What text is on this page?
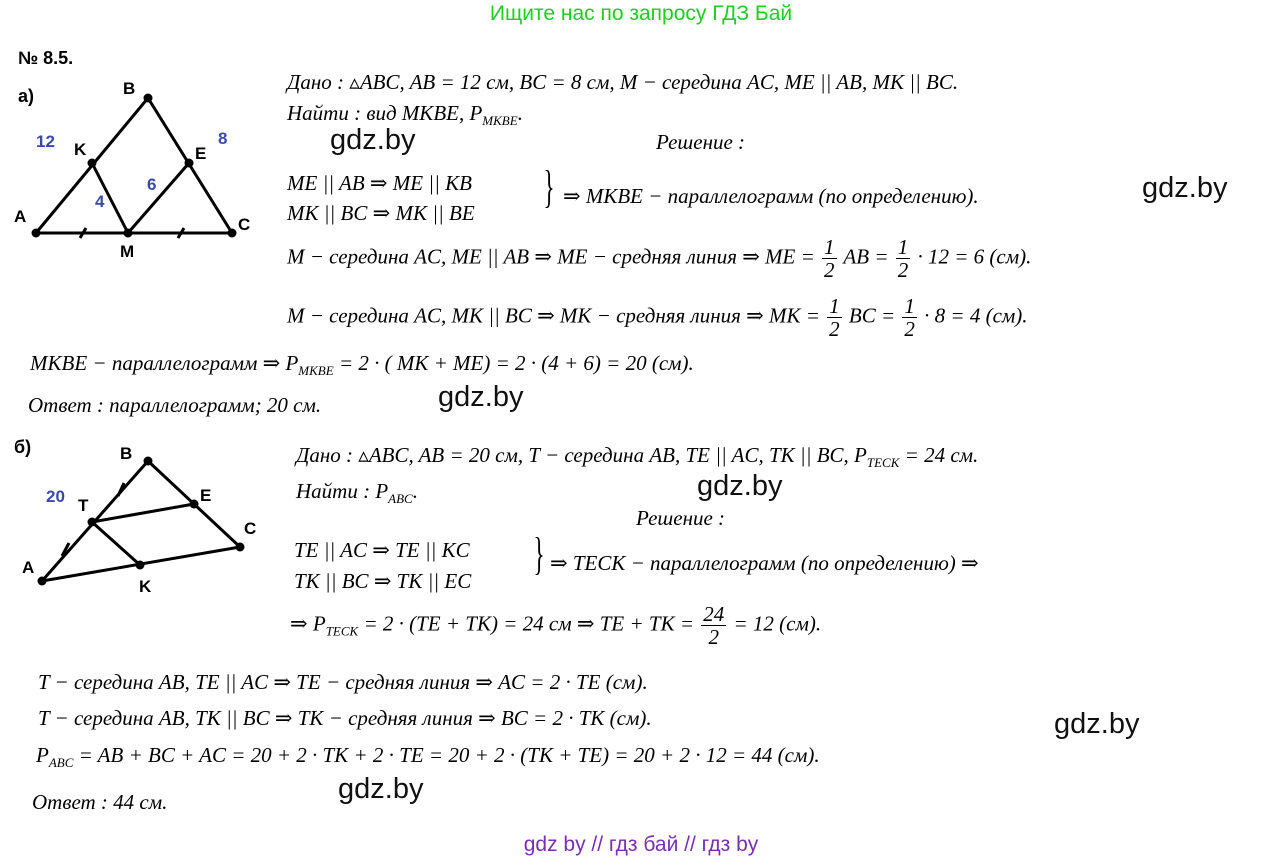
Ищите нас по запросу ГДЗ Бай
gdz by // гдз бай // гдз by
gdz.by
gdz.by
gdz.by
gdz.by
gdz.by
gdz.by
№ 8.5.
а)
б)
A
B
C
K	E
M
12	8
4
6
A
B
C
T
E
K
20
Дано : ▵ABC, AB = 12 см, BC = 8 см, M − середина AC, ME || AB, MK || BC.
Найти : вид MKBE, $P_{MKBE}$.
Решение :
ME || AB ⇒ ME || KB
MK || BC ⇒ MK || BE
} ⇒ MKBE − параллелограмм (по определению).
M − середина AC, ME || AB ⇒ ME − средняя линия ⇒ ME = $\frac{1}{2}$ AB = $\frac{1}{2} \cdot 12 = 6$ (см).
M − середина AC, MK || BC ⇒ MK − средняя линия ⇒ MK = $\frac{1}{2}$ BC = $\frac{1}{2} \cdot 8 = 4$ (см).
MKBE − параллелограмм ⇒ $P_{MKBE} = 2$ · ( MK + ME) = 2 · (4 + 6) = 20 (см).
Ответ : параллелограмм; 20 см.
Дано : ▵ABC, AB = 20 см, T − середина AB, TE || AC, TK || BC, $P_{TECK} = 24$ см.
Найти : $P_{ABC}$.
Решение :
TE || AC ⇒ TE || KC
TK || BC ⇒ TK || EC
} ⇒ TECK − параллелограмм (по определению) ⇒
⇒ $P_{TECK} = 2 \cdot (TE + TK) = 24$ см ⇒ TE + TK = $\frac{24}{2} = 12$ (см).
T − середина AB, TE || AC ⇒ TE − средняя линия ⇒ AC = 2 · TE (см).
T − середина AB, TK || BC ⇒ TK − средняя линия ⇒ BC = 2 · TK (см).
$P_{ABC}$ = AB + BC + AC = 20 + 2 · TK + 2 · TE = 20 + 2 · (TK + TE) = 20 + 2 · 12 = 44 (см).
Ответ : 44 см.
